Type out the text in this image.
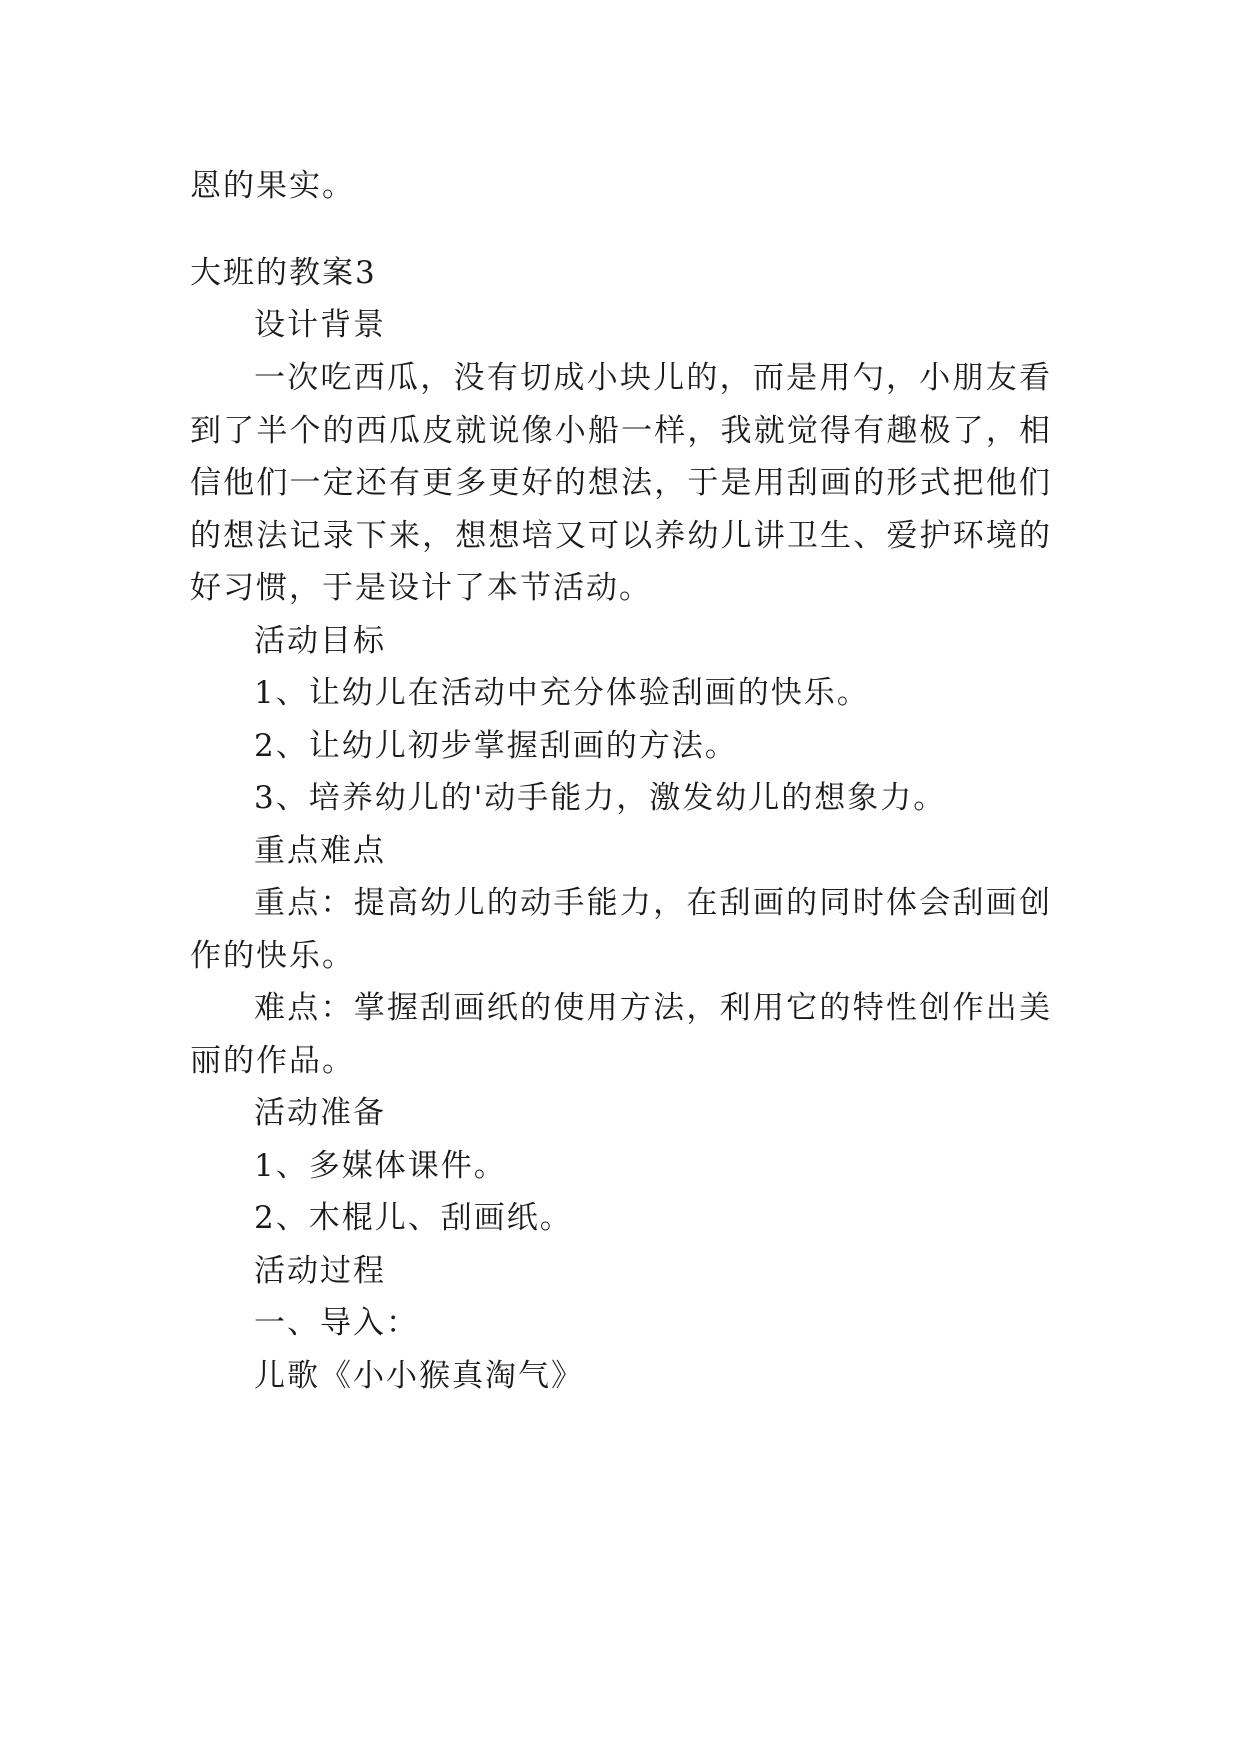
恩的果实。
大班的教案3
设计背景
一次吃西瓜，没有切成小块儿的，而是用勺，小朋友看
到了半个的西瓜皮就说像小船一样，我就觉得有趣极了，相
信他们一定还有更多更好的想法，于是用刮画的形式把他们
的想法记录下来，想想培又可以养幼儿讲卫生、爱护环境的
好习惯，于是设计了本节活动。
活动目标
1、让幼儿在活动中充分体验刮画的快乐。
2、让幼儿初步掌握刮画的方法。
3、培养幼儿的'动手能力，激发幼儿的想象力。
重点难点
重点：提高幼儿的动手能力，在刮画的同时体会刮画创
作的快乐。
难点：掌握刮画纸的使用方法，利用它的特性创作出美
丽的作品。
活动准备
1、多媒体课件。
2、木棍儿、刮画纸。
活动过程
一、导入：
儿歌《小小猴真淘气》
